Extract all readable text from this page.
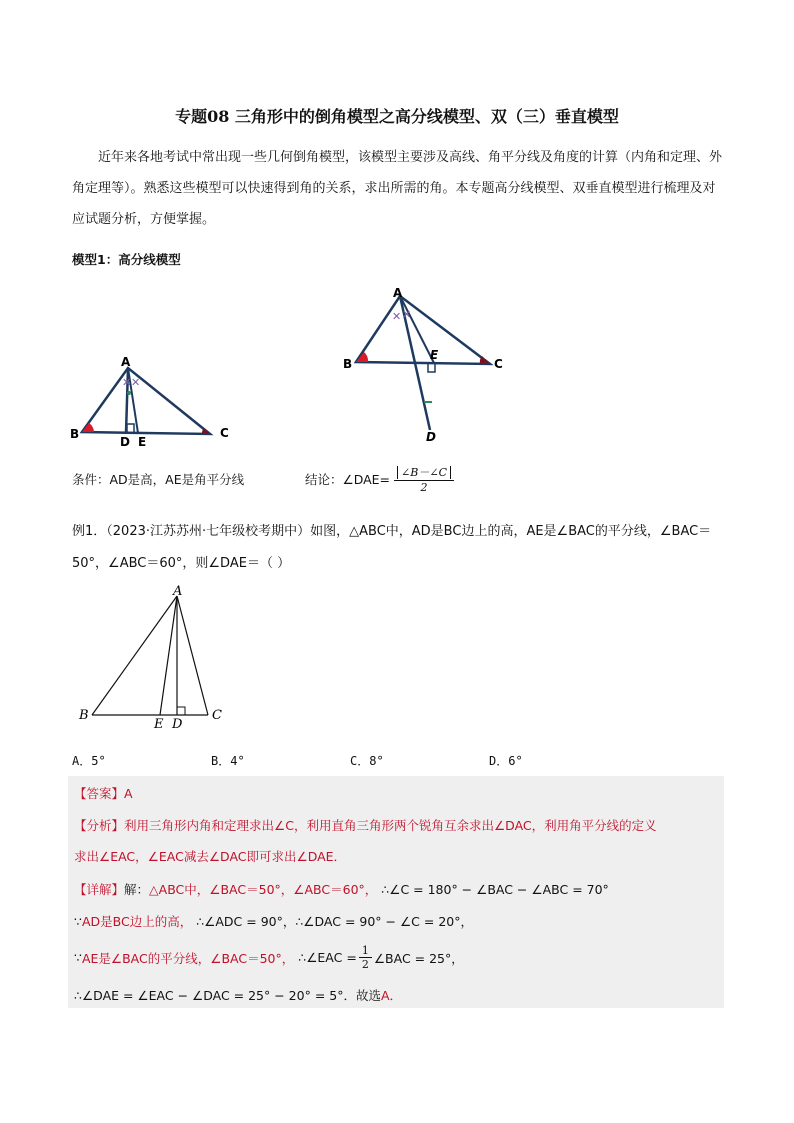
专题08 三角形中的倒角模型之高分线模型、双（三）垂直模型
近年来各地考试中常出现一些几何倒角模型，该模型主要涉及高线、角平分线及角度的计算（内角和定理、外角定理等）。熟悉这些模型可以快速得到角的关系，求出所需的角。本专题高分线模型、双垂直模型进行梳理及对应试题分析，方便掌握。
模型1：高分线模型
✕ ✕
A
B	C
D E
✕ ✕
A
B	C
E
D
条件：AD是高，AE是角平分线	结论：∠DAE= $\frac{\angle B-\angle C}{2}$
例1．（2023·江苏苏州·七年级校考期中）如图，△ABC中，AD是BC边上的高，AE是∠BAC的平分线，∠BAC＝50°，∠ABC＝60°，则∠DAE＝（ ）
A
B	C
E D
A．5°	B．4°	C．8°	D．6°
【答案】A
【分析】利用三角形内角和定理求出∠C，利用直角三角形两个锐角互余求出∠DAC，利用角平分线的定义
求出∠EAC，∠EAC减去∠DAC即可求出∠DAE．
【详解】解：△ABC中，∠BAC＝50°，∠ABC＝60°， ∴∠C = 180° − ∠BAC − ∠ABC = 70°
∵AD是BC边上的高， ∴∠ADC = 90°，∴∠DAC = 90° − ∠C = 20°，
∵ AE是∠BAC的平分线，∠BAC＝50°， ∴∠EAC = $\frac{1}{2}$ ∠BAC = 25°，
∴∠DAE = ∠EAC − ∠DAC = 25° − 20° = 5°．故选A．
